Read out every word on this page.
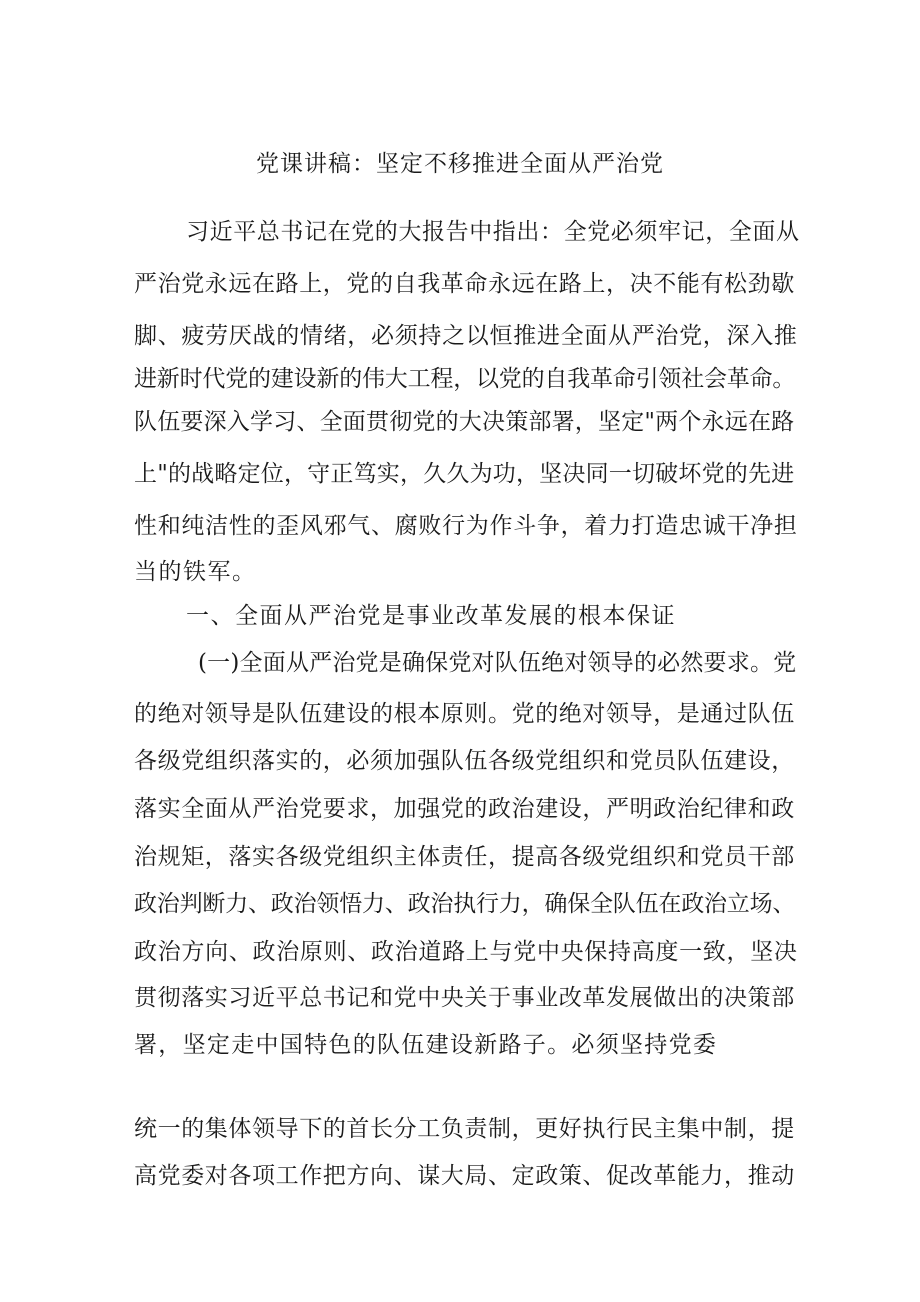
党课讲稿：坚定不移推进全面从严治党
习近平总书记在党的大报告中指出：全党必须牢记，全面从
严治党永远在路上，党的自我革命永远在路上，决不能有松劲歇
脚、疲劳厌战的情绪，必须持之以恒推进全面从严治党，深入推
进新时代党的建设新的伟大工程，以党的自我革命引领社会革命。
队伍要深入学习、全面贯彻党的大决策部署，坚定"两个永远在路
上"的战略定位，守正笃实，久久为功，坚决同一切破坏党的先进
性和纯洁性的歪风邪气、腐败行为作斗争，着力打造忠诚干净担
当的铁军。
一、全面从严治党是事业改革发展的根本保证
(一)全面从严治党是确保党对队伍绝对领导的必然要求。党
的绝对领导是队伍建设的根本原则。党的绝对领导，是通过队伍
各级党组织落实的，必须加强队伍各级党组织和党员队伍建设，
落实全面从严治党要求，加强党的政治建设，严明政治纪律和政
治规矩，落实各级党组织主体责任，提高各级党组织和党员干部
政治判断力、政治领悟力、政治执行力，确保全队伍在政治立场、
政治方向、政治原则、政治道路上与党中央保持高度一致，坚决
贯彻落实习近平总书记和党中央关于事业改革发展做出的决策部
署，坚定走中国特色的队伍建设新路子。必须坚持党委
统一的集体领导下的首长分工负责制，更好执行民主集中制，提
高党委对各项工作把方向、谋大局、定政策、促改革能力，推动
